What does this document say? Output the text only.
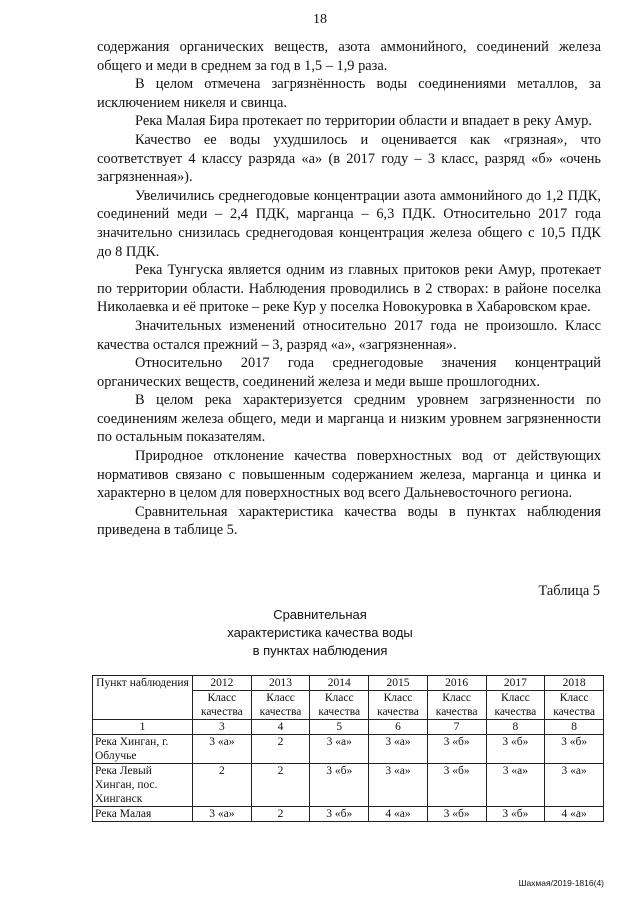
18

содержания органических веществ, азота аммонийного, соединений железа общего и меди в среднем за год в 1,5 – 1,9 раза.

В целом отмечена загрязнённость воды соединениями металлов, за исключением никеля и свинца.

Река Малая Бира протекает по территории области и впадает в реку Амур.

Качество ее воды ухудшилось и оценивается как «грязная», что соответствует 4 классу разряда «а» (в 2017 году – 3 класс, разряд «б» «очень загрязненная»).

Увеличились среднегодовые концентрации азота аммонийного до 1,2 ПДК, соединений меди – 2,4 ПДК, марганца – 6,3 ПДК. Относительно 2017 года значительно снизилась среднегодовая концентрация железа общего с 10,5 ПДК до 8 ПДК.

Река Тунгуска является одним из главных притоков реки Амур, протекает по территории области. Наблюдения проводились в 2 створах: в районе поселка Николаевка и её притоке – реке Кур у поселка Новокуровка в Хабаровском крае.

Значительных изменений относительно 2017 года не произошло. Класс качества остался прежний – 3, разряд «а», «загрязненная».

Относительно 2017 года среднегодовые значения концентраций органических веществ, соединений железа и меди выше прошлогодних.

В целом река характеризуется средним уровнем загрязненности по соединениям железа общего, меди и марганца и низким уровнем загрязненности по остальным показателям.

Природное отклонение качества поверхностных вод от действующих нормативов связано с повышенным содержанием железа, марганца и цинка и характерно в целом для поверхностных вод всего Дальневосточного региона.

Сравнительная характеристика качества воды в пунктах наблюдения приведена в таблице 5.

Таблица 5
Сравнительная
характеристика качества воды
в пунктах наблюдения
Пункт наблюдения	2012	2013	2014	2015	2016	2017	2018
	Класс качества	Класс качества	Класс качества	Класс качества	Класс качества	Класс качества	Класс качества
1	3	4	5	6	7	8	8
Река Хинган, г. Облучье	3 «а»	2	3 «а»	3 «а»	3 «б»	3 «б»	3 «б»
Река Левый Хинган, пос. Хинганск	2	2	3 «б»	3 «а»	3 «б»	3 «а»	3 «а»
Река Малая	3 «а»	2	3 «б»	4 «а»	3 «б»	3 «б»	4 «а»
Шахмая/2019-1816(4)
